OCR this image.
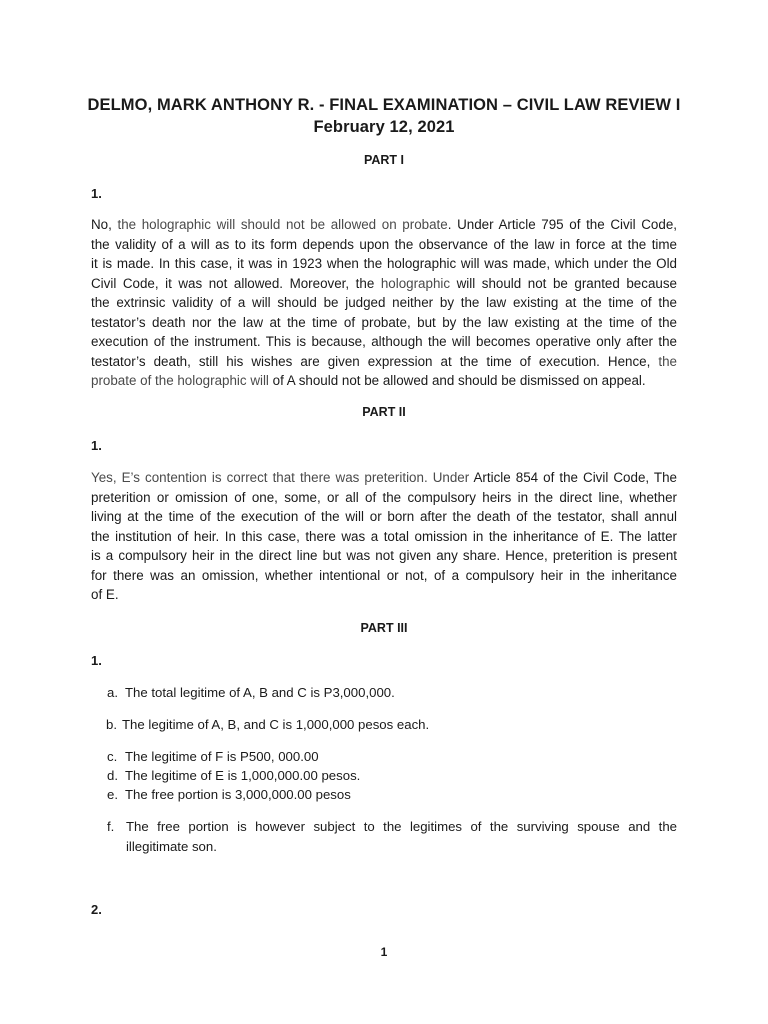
DELMO, MARK ANTHONY R. - FINAL EXAMINATION – CIVIL LAW REVIEW I
February 12, 2021
PART I
1.
No, the holographic will should not be allowed on probate. Under Article 795 of the Civil Code,
the validity of a will as to its form depends upon the observance of the law in force at the time
it is made. In this case, it was in 1923 when the holographic will was made, which under the Old
Civil Code, it was not allowed. Moreover, the holographic will should not be granted because
the extrinsic validity of a will should be judged neither by the law existing at the time of the
testator’s death nor the law at the time of probate, but by the law existing at the time of the
execution of the instrument. This is because, although the will becomes operative only after the
testator’s death, still his wishes are given expression at the time of execution. Hence, the
probate of the holographic will of A should not be allowed and should be dismissed on appeal.
PART II
1.
Yes, E’s contention is correct that there was preterition. Under Article 854 of the Civil Code, The
preterition or omission of one, some, or all of the compulsory heirs in the direct line, whether
living at the time of the execution of the will or born after the death of the testator, shall annul
the institution of heir. In this case, there was a total omission in the inheritance of E. The latter
is a compulsory heir in the direct line but was not given any share. Hence, preterition is present
for there was an omission, whether intentional or not, of a compulsory heir in the inheritance
of E.
PART III
1.
a. The total legitime of A, B and C is P3,000,000.
b. The legitime of A, B, and C is 1,000,000 pesos each.
c. The legitime of F is P500, 000.00
d. The legitime of E is 1,000,000.00 pesos.
e. The free portion is 3,000,000.00 pesos
f. The free portion is however subject to the legitimes of the surviving spouse and the
illegitimate son.
2.
1
